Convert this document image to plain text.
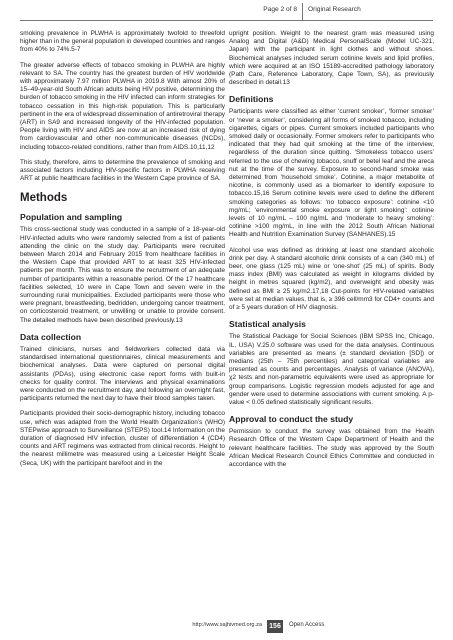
Page 2 of 8 Original Research

smoking prevalence in PLWHA is approximately twofold to threefold higher than in the general population in developed countries and ranges from 40% to 74%.5-7

The greater adverse effects of tobacco smoking in PLWHA are highly relevant to SA. The country has the greatest burden of HIV worldwide with approximately 7.97 million PLWHA in 2019.8 With almost 20% of 15–49-year-old South African adults being HIV positive, determining the burden of tobacco smoking in the HIV infected can inform strategies for tobacco cessation in this high-risk population. This is particularly pertinent in the era of widespread dissemination of antiretroviral therapy (ART) in SA9 and increased longevity of the HIV-infected population. People living with HIV and AIDS are now at an increased risk of dying from cardiovascular and other non-communicable diseases (NCDs), including tobacco-related conditions, rather than from AIDS.10,11,12

This study, therefore, aims to determine the prevalence of smoking and associated factors including HIV-specific factors in PLWHA receiving ART at public healthcare facilities in the Western Cape province of SA.

Methods
Population and sampling

This cross-sectional study was conducted in a sample of ≥ 18-year-old HIV-infected adults who were randomly selected from a list of patients attending the clinic on the study day. Participants were recruited between March 2014 and February 2015 from healthcare facilities in the Western Cape that provided ART to at least 325 HIV-infected patients per month. This was to ensure the recruitment of an adequate number of participants within a reasonable period. Of the 17 healthcare facilities selected, 10 were in Cape Town and seven were in the surrounding rural municipalities. Excluded participants were those who were pregnant, breastfeeding, bedridden, undergoing cancer treatment, on corticosteroid treatment, or unwilling or unable to provide consent. The detailed methods have been described previously.13

Data collection

Trained clinicians, nurses and fieldworkers collected data via standardised international questionnaires, clinical measurements and biochemical analyses. Data were captured on personal digital assistants (PDAs), using electronic case report forms with built-in checks for quality control. The interviews and physical examinations were conducted on the recruitment day, and following an overnight fast, participants returned the next day to have their blood samples taken.

Participants provided their socio-demographic history, including tobacco use, which was adapted from the World Health Organization’s (WHO) STEPwise approach to Surveillance (STEPS) tool.14 Information on the duration of diagnosed HIV infection, cluster of differentiation 4 (CD4) counts and ART regimens was extracted from clinical records. Height to the nearest millimetre was measured using a Leicester Height Scale (Seca, UK) with the participant barefoot and in the

upright position. Weight to the nearest gram was measured using Analog and Digital (A&D) Medical PersonalScale (Model UC-321, Japan) with the participant in light clothes and without shoes. Biochemical analyses included serum cotinine levels and lipid profiles, which were acquired at an ISO 15189-accredited pathology laboratory (Path Care, Reference Laboratory, Cape Town, SA), as previously described in detail.13

Definitions

Participants were classified as either ‘current smoker’, ‘former smoker’ or ‘never a smoker’, considering all forms of smoked tobacco, including cigarettes, cigars or pipes. Current smokers included participants who smoked daily or occasionally. Former smokers refer to participants who indicated that they had quit smoking at the time of the interview, regardless of the duration since quitting. ‘Smokeless tobacco users’ referred to the use of chewing tobacco, snuff or betel leaf and the areca nut at the time of the survey. Exposure to second-hand smoke was determined from ‘household smoke’. Cotinine, a major metabolite of nicotine, is commonly used as a biomarker to identify exposure to tobacco.15,16 Serum cotinine levels were used to define the different smoking categories as follows: ‘no tobacco exposure’: cotinine <10 mg/mL; ‘environmental smoke exposure or light smoking’: cotinine levels of 10 ng/mL – 100 ng/mL and ‘moderate to heavy smoking’: cotinine >100 mg/mL, in line with the 2012 South African National Health and Nutrition Examination Survey (SANHANES).15

Alcohol use was defined as drinking at least one standard alcoholic drink per day. A standard alcoholic drink consists of a can (340 mL) of beer, one glass (125 mL) wine or ‘one-shot’ (25 mL) of spirits. Body mass index (BMI) was calculated as weight in kilograms divided by height in metres squared (kg/m2), and overweight and obesity was defined as BMI ≥ 25 kg/m2.17,18 Cut-points for HIV-related variables were set at median values, that is, ≥ 396 cell/mm3 for CD4+ counts and of ≥ 5 years duration of HIV diagnosis.

Statistical analysis

The Statistical Package for Social Sciences (IBM SPSS Inc, Chicago, IL, USA) V.25.0 software was used for the data analyses. Continuous variables are presented as means (± standard deviation [SD]) or medians (25th – 75th percentiles) and categorical variables are presented as counts and percentages. Analysis of variance (ANOVA), χ2 tests and non-parametric equivalents were used as appropriate for group comparisons. Logistic regression models adjusted for age and gender were used to determine associations with current smoking. A p-value < 0.05 defined statistically significant results.

Approval to conduct the study

Permission to conduct the survey was obtained from the Health Research Office of the Western Cape Department of Health and the relevant healthcare facilities. The study was approved by the South African Medical Research Council Ethics Committee and conducted in accordance with the

http://www.sajhivmed.org.za	156	Open Access
